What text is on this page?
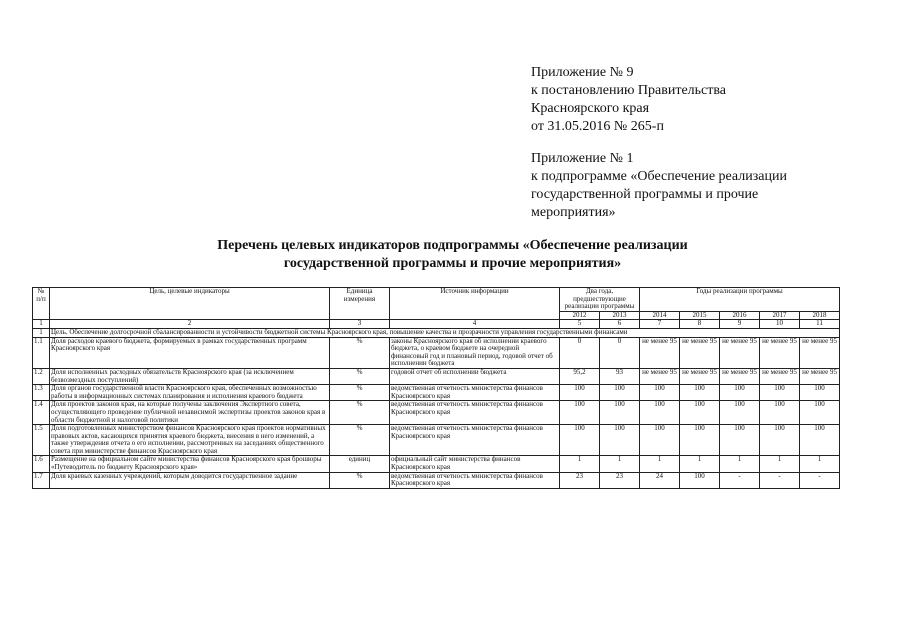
Приложение № 9
к постановлению Правительства
Красноярского края
от 31.05.2016 № 265-п
Приложение № 1
к подпрограмме «Обеспечение реализации
государственной программы и прочие
мероприятия»
Перечень целевых индикаторов подпрограммы «Обеспечение реализации
государственной программы и прочие мероприятия»
№ п/п	Цель, целевые индикаторы	Единица измерения	Источник информации	Два года, предшествующие реализации программы		Годы реализации программы				
				2012	2013	2014	2015	2016	2017	2018
1	2	3	4	5	6	7	8	9	10	11
1	Цель. Обеспечение долгосрочной сбалансированности и устойчивости бюджетной системы Красноярского края, повышение качества и прозрачности управления государственными финансами									
1.1	Доля расходов краевого бюджета, формируемых в рамках государственных программ Красноярского края	%	законы Красноярского края об исполнении краевого бюджета, о краевом бюджете на очередной финансовый год и плановый период, годовой отчет об исполнении бюджета	0	0	не менее 95	не менее 95	не менее 95	не менее 95	не менее 95
1.2	Доля исполненных расходных обязательств Красноярского края (за исключением безвозмездных поступлений)	%	годовой отчет об исполнении бюджета	95,2	93	не менее 95	не менее 95	не менее 95	не менее 95	не менее 95
1.3	Доля органов государственной власти Красноярского края, обеспеченных возможностью работы в информационных системах планирования и исполнения краевого бюджета	%	ведомственная отчетность министерства финансов Красноярского края	100	100	100	100	100	100	100
1.4	Доля проектов законов края, на которые получены заключения Экспертного совета, осуществляющего проведение публичной независимой экспертизы проектов законов края в области бюджетной и налоговой политики	%	ведомственная отчетность министерства финансов Красноярского края	100	100	100	100	100	100	100
1.5	Доля подготовленных министерством финансов Красноярского края проектов нормативных правовых актов, касающихся принятия краевого бюджета, внесения в него изменений, а также утверждения отчета о его исполнении, рассмотренных на заседаниях общественного совета при министерстве финансов Красноярского края	%	ведомственная отчетность министерства финансов Красноярского края	100	100	100	100	100	100	100
1.6	Размещение на официальном сайте министерства финансов Красноярского края брошюры «Путеводитель по бюджету Красноярского края»	единиц	официальный сайт министерства финансов Красноярского края	1	1	1	1	1	1	1
1.7	Доля краевых казенных учреждений, которым доводится государственное задание	%	ведомственная отчетность министерства финансов Красноярского края	23	23	24	100	-	-	-
